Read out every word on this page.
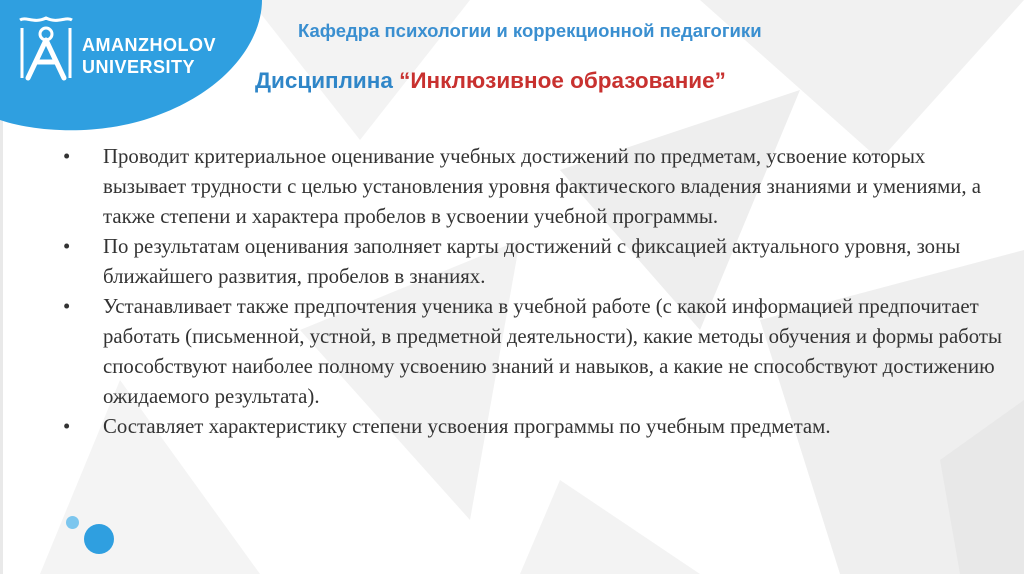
AMANZHOLOV
UNIVERSITY
Кафедра психологии и коррекционной педагогики
Дисциплина “Инклюзивное образование”
•	Проводит критериальное оценивание учебных достижений по предметам, усвоение которых вызывает трудности с целью установления уровня фактического владения знаниями и умениями, а также степени и характера пробелов в усвоении учебной программы.
•	По результатам оценивания заполняет карты достижений с фиксацией актуального уровня, зоны ближайшего развития, пробелов в знаниях.
•	Устанавливает также предпочтения ученика в учебной работе (с какой информацией предпочитает работать (письменной, устной, в предметной деятельности), какие методы обучения и формы работы способствуют наиболее полному усвоению знаний и навыков, а какие не способствуют достижению ожидаемого результата).
•	Составляет характеристику степени усвоения программы по учебным предметам.
